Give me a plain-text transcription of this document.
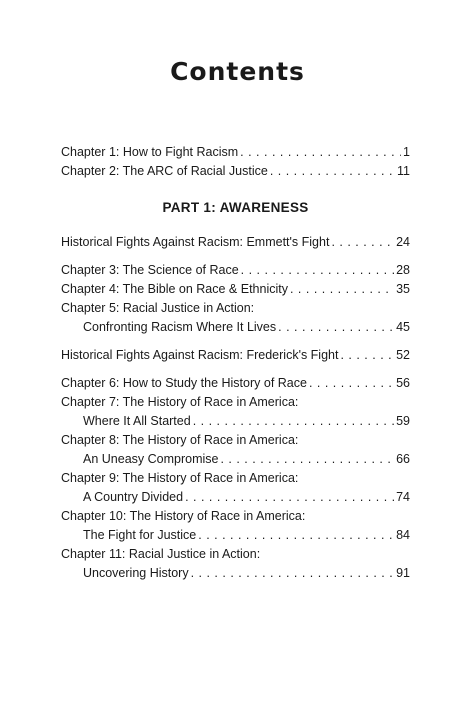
Contents
Chapter 1: How to Fight Racism . . .	1
Chapter 2: The ARC of Racial Justice . . .	11
PART 1: AWARENESS
Historical Fights Against Racism: Emmett's Fight . . .	24
Chapter 3: The Science of Race . . .	28
Chapter 4: The Bible on Race & Ethnicity . . .	35
Chapter 5: Racial Justice in Action:
Confronting Racism Where It Lives . . .	45
Historical Fights Against Racism: Frederick's Fight . . .	52
Chapter 6: How to Study the History of Race . . .	56
Chapter 7: The History of Race in America:
Where It All Started . . .	59
Chapter 8: The History of Race in America:
An Uneasy Compromise . . .	66
Chapter 9: The History of Race in America:
A Country Divided . . .	74
Chapter 10: The History of Race in America:
The Fight for Justice . . .	84
Chapter 11: Racial Justice in Action:
Uncovering History . . .	91
